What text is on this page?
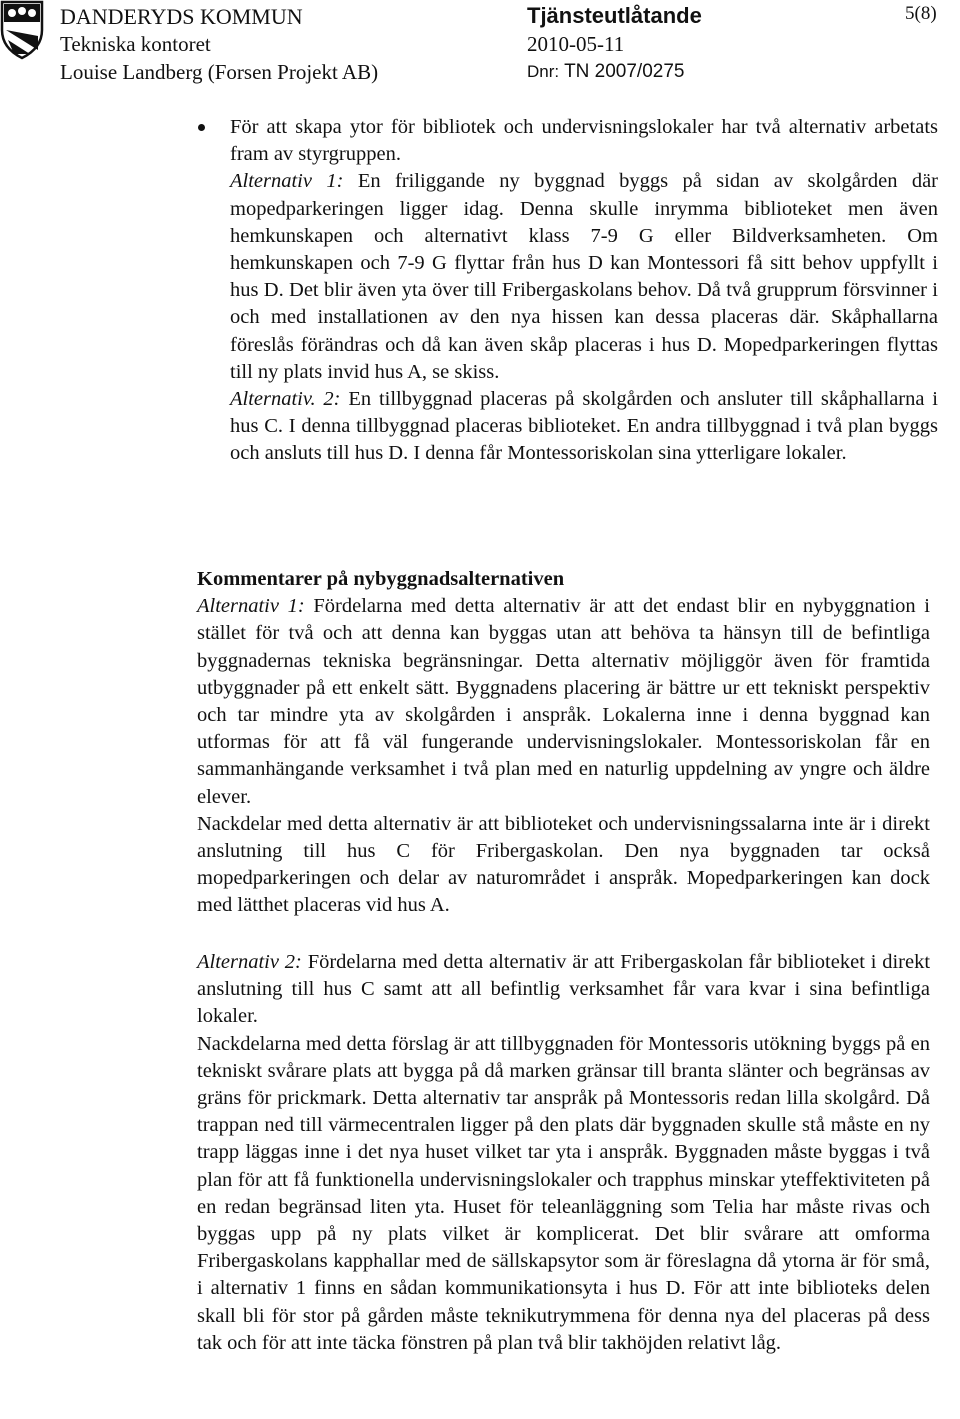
DANDERYDS KOMMUN
Tekniska kontoret
Louise Landberg (Forsen Projekt AB)
Tjänsteutlåtande
2010-05-11
Dnr: TN 2007/0275
5(8)

För att skapa ytor för bibliotek och undervisningslokaler har två alternativ arbetats fram av styrgruppen.

Alternativ 1: En friliggande ny byggnad byggs på sidan av skolgården där mopedparkeringen ligger idag. Denna skulle inrymma biblioteket men även hemkunskapen och alternativt klass 7-9 G eller Bildverksamheten. Om hemkunskapen och 7-9 G flyttar från hus D kan Montessori få sitt behov uppfyllt i hus D. Det blir även yta över till Fribergaskolans behov. Då två grupprum försvinner i och med installationen av den nya hissen kan dessa placeras där. Skåphallarna föreslås förändras och då kan även skåp placeras i hus D. Mopedparkeringen flyttas till ny plats invid hus A, se skiss.

Alternativ. 2: En tillbyggnad placeras på skolgården och ansluter till skåphallarna i hus C. I denna tillbyggnad placeras biblioteket. En andra tillbyggnad i två plan byggs och ansluts till hus D. I denna får Montessoriskolan sina ytterligare lokaler.

Kommentarer på nybyggnadsalternativen

Alternativ 1: Fördelarna med detta alternativ är att det endast blir en nybyggnation i stället för två och att denna kan byggas utan att behöva ta hänsyn till de befintliga byggnadernas tekniska begränsningar. Detta alternativ möjliggör även för framtida utbyggnader på ett enkelt sätt. Byggnadens placering är bättre ur ett tekniskt perspektiv och tar mindre yta av skolgården i anspråk. Lokalerna inne i denna byggnad kan utformas för att få väl fungerande undervisningslokaler. Montessoriskolan får en sammanhängande verksamhet i två plan med en naturlig uppdelning av yngre och äldre elever.

Nackdelar med detta alternativ är att biblioteket och undervisningssalarna inte är i direkt anslutning till hus C för Fribergaskolan. Den nya byggnaden tar också mopedparkeringen och delar av naturområdet i anspråk. Mopedparkeringen kan dock med lätthet placeras vid hus A.

Alternativ 2: Fördelarna med detta alternativ är att Fribergaskolan får biblioteket i direkt anslutning till hus C samt att all befintlig verksamhet får vara kvar i sina befintliga lokaler.

Nackdelarna med detta förslag är att tillbyggnaden för Montessoris utökning byggs på en tekniskt svårare plats att bygga på då marken gränsar till branta slänter och begränsas av gräns för prickmark. Detta alternativ tar anspråk på Montessoris redan lilla skolgård. Då trappan ned till värmecentralen ligger på den plats där byggnaden skulle stå måste en ny trapp läggas inne i det nya huset vilket tar yta i anspråk. Byggnaden måste byggas i två plan för att få funktionella undervisningslokaler och trapphus minskar yteffektiviteten på en redan begränsad liten yta. Huset för teleanläggning som Telia har måste rivas och byggas upp på ny plats vilket är komplicerat. Det blir svårare att omforma Fribergaskolans kapphallar med de sällskapsytor som är föreslagna då ytorna är för små, i alternativ 1 finns en sådan kommunikationsyta i hus D. För att inte biblioteks delen skall bli för stor på gården måste teknikutrymmena för denna nya del placeras på dess tak och för att inte täcka fönstren på plan två blir takhöjden relativt låg.
